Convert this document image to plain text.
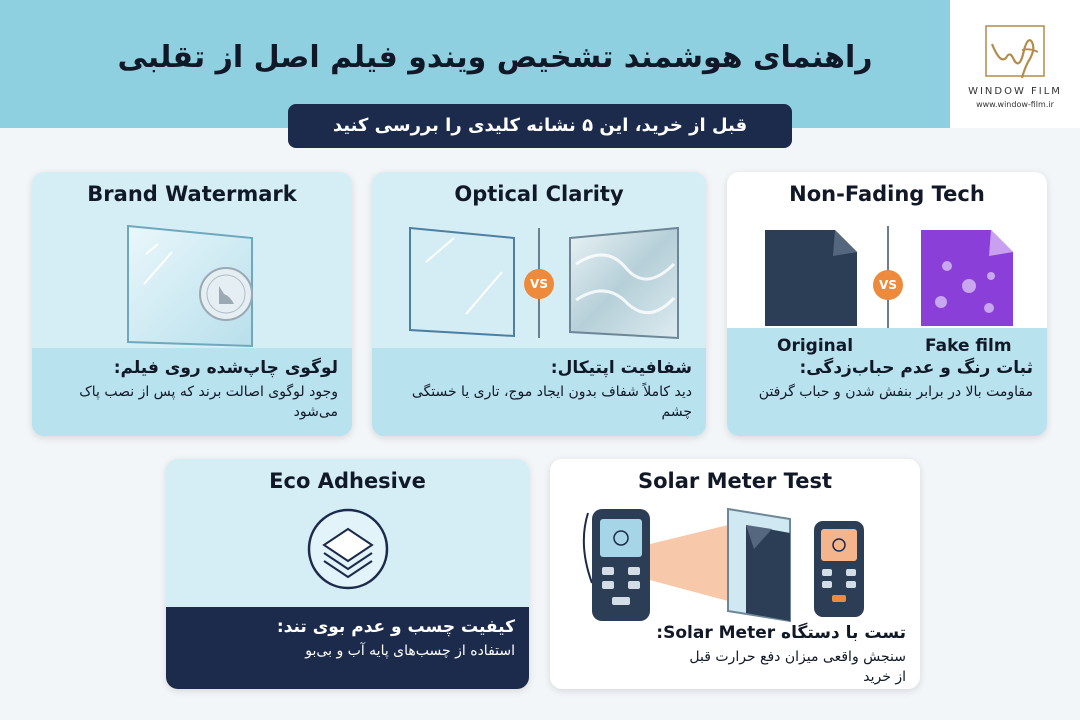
WINDOW FILM
www.window-film.ir
راهنمای هوشمند تشخیص ویندو فیلم اصل از تقلبی
قبل از خرید، این ۵ نشانه کلیدی را بررسی کنید
Brand Watermark
لوگوی چاپ‌شده روی فیلم:
وجود لوگوی اصالت برند که پس از نصب پاک می‌شود
Optical Clarity
VS
شفافیت اپتیکال:
دید کاملاً شفاف بدون ایجاد موج، تاری یا خستگی چشم
Non-Fading Tech
VS
ثبات رنگ و عدم حباب‌زدگی:
مقاومت بالا در برابر بنفش شدن و حباب گرفتن
Original	Fake film
Eco Adhesive
کیفیت چسب و عدم بوی تند:
استفاده از چسب‌های پایه آب و بی‌بو
Solar Meter Test
تست با دستگاه Solar Meter:
سنجش واقعی میزان دفع حرارت قبل از خرید
